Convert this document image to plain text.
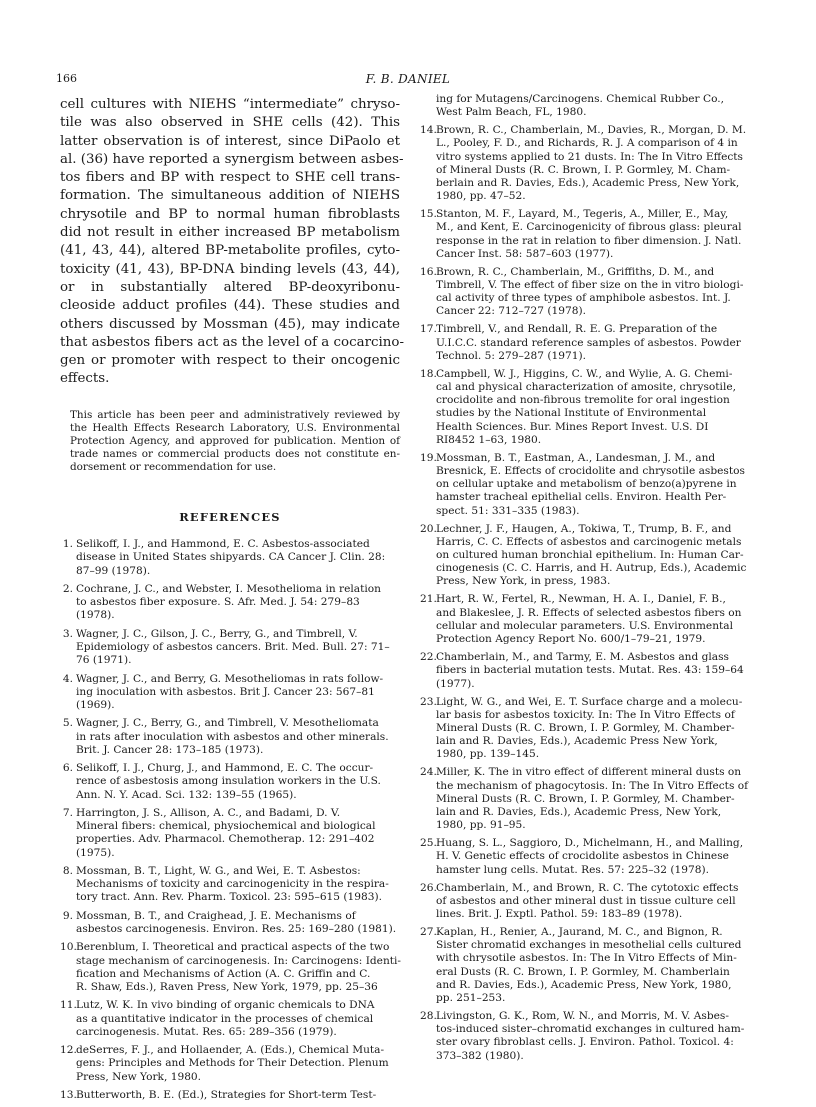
166	F. B. DANIEL

cell cultures with NIEHS “intermediate” chryso-
tile was also observed in SHE cells (42). This
latter observation is of interest, since DiPaolo et
al. (36) have reported a synergism between asbes-
tos fibers and BP with respect to SHE cell trans-
formation. The simultaneous addition of NIEHS
chrysotile and BP to normal human fibroblasts
did not result in either increased BP metabolism
(41, 43, 44), altered BP-metabolite profiles, cyto-
toxicity (41, 43), BP-DNA binding levels (43, 44),
or in substantially altered BP-deoxyribonu-
cleoside adduct profiles (44). These studies and
others discussed by Mossman (45), may indicate
that asbestos fibers act as the level of a cocarcino-
gen or promoter with respect to their oncogenic
effects.

This article has been peer and administratively reviewed by
the Health Effects Research Laboratory, U.S. Environmental
Protection Agency, and approved for publication. Mention of
trade names or commercial products does not constitute en-
dorsement or recommendation for use.

REFERENCES
1. Selikoff, I. J., and Hammond, E. C. Asbestos-associated
disease in United States shipyards. CA Cancer J. Clin. 28:
87–99 (1978).
2. Cochrane, J. C., and Webster, I. Mesothelioma in relation
to asbestos fiber exposure. S. Afr. Med. J. 54: 279–83
(1978).
3. Wagner, J. C., Gilson, J. C., Berry, G., and Timbrell, V.
Epidemiology of asbestos cancers. Brit. Med. Bull. 27: 71–
76 (1971).
4. Wagner, J. C., and Berry, G. Mesotheliomas in rats follow-
ing inoculation with asbestos. Brit J. Cancer 23: 567–81
(1969).
5. Wagner, J. C., Berry, G., and Timbrell, V. Mesotheliomata
in rats after inoculation with asbestos and other minerals.
Brit. J. Cancer 28: 173–185 (1973).
6. Selikoff, I. J., Churg, J., and Hammond, E. C. The occur-
rence of asbestosis among insulation workers in the U.S.
Ann. N. Y. Acad. Sci. 132: 139–55 (1965).
7. Harrington, J. S., Allison, A. C., and Badami, D. V.
Mineral fibers: chemical, physiochemical and biological
properties. Adv. Pharmacol. Chemotherap. 12: 291–402
(1975).
8. Mossman, B. T., Light, W. G., and Wei, E. T. Asbestos:
Mechanisms of toxicity and carcinogenicity in the respira-
tory tract. Ann. Rev. Pharm. Toxicol. 23: 595–615 (1983).
9. Mossman, B. T., and Craighead, J. E. Mechanisms of
asbestos carcinogenesis. Environ. Res. 25: 169–280 (1981).
10. Berenblum, I. Theoretical and practical aspects of the two
stage mechanism of carcinogenesis. In: Carcinogens: Identi-
fication and Mechanisms of Action (A. C. Griffin and C.
R. Shaw, Eds.), Raven Press, New York, 1979, pp. 25–36
11. Lutz, W. K. In vivo binding of organic chemicals to DNA
as a quantitative indicator in the processes of chemical
carcinogenesis. Mutat. Res. 65: 289–356 (1979).
12. deSerres, F. J., and Hollaender, A. (Eds.), Chemical Muta-
gens: Principles and Methods for Their Detection. Plenum
Press, New York, 1980.
13. Butterworth, B. E. (Ed.), Strategies for Short-term Test-
ing for Mutagens/Carcinogens. Chemical Rubber Co.,
West Palm Beach, FL, 1980.
14. Brown, R. C., Chamberlain, M., Davies, R., Morgan, D. M.
L., Pooley, F. D., and Richards, R. J. A comparison of 4 in
vitro systems applied to 21 dusts. In: The In Vitro Effects
of Mineral Dusts (R. C. Brown, I. P. Gormley, M. Cham-
berlain and R. Davies, Eds.), Academic Press, New York,
1980, pp. 47–52.
15. Stanton, M. F., Layard, M., Tegeris, A., Miller, E., May,
M., and Kent, E. Carcinogenicity of fibrous glass: pleural
response in the rat in relation to fiber dimension. J. Natl.
Cancer Inst. 58: 587–603 (1977).
16. Brown, R. C., Chamberlain, M., Griffiths, D. M., and
Timbrell, V. The effect of fiber size on the in vitro biologi-
cal activity of three types of amphibole asbestos. Int. J.
Cancer 22: 712–727 (1978).
17. Timbrell, V., and Rendall, R. E. G. Preparation of the
U.I.C.C. standard reference samples of asbestos. Powder
Technol. 5: 279–287 (1971).
18. Campbell, W. J., Higgins, C. W., and Wylie, A. G. Chemi-
cal and physical characterization of amosite, chrysotile,
crocidolite and non-fibrous tremolite for oral ingestion
studies by the National Institute of Environmental
Health Sciences. Bur. Mines Report Invest. U.S. DI
RI8452 1–63, 1980.
19. Mossman, B. T., Eastman, A., Landesman, J. M., and
Bresnick, E. Effects of crocidolite and chrysotile asbestos
on cellular uptake and metabolism of benzo(a)pyrene in
hamster tracheal epithelial cells. Environ. Health Per-
spect. 51: 331–335 (1983).
20. Lechner, J. F., Haugen, A., Tokiwa, T., Trump, B. F., and
Harris, C. C. Effects of asbestos and carcinogenic metals
on cultured human bronchial epithelium. In: Human Car-
cinogenesis (C. C. Harris, and H. Autrup, Eds.), Academic
Press, New York, in press, 1983.
21. Hart, R. W., Fertel, R., Newman, H. A. I., Daniel, F. B.,
and Blakeslee, J. R. Effects of selected asbestos fibers on
cellular and molecular parameters. U.S. Environmental
Protection Agency Report No. 600/1–79–21, 1979.
22. Chamberlain, M., and Tarmy, E. M. Asbestos and glass
fibers in bacterial mutation tests. Mutat. Res. 43: 159–64
(1977).
23. Light, W. G., and Wei, E. T. Surface charge and a molecu-
lar basis for asbestos toxicity. In: The In Vitro Effects of
Mineral Dusts (R. C. Brown, I. P. Gormley, M. Chamber-
lain and R. Davies, Eds.), Academic Press New York,
1980, pp. 139–145.
24. Miller, K. The in vitro effect of different mineral dusts on
the mechanism of phagocytosis. In: The In Vitro Effects of
Mineral Dusts (R. C. Brown, I. P. Gormley, M. Chamber-
lain and R. Davies, Eds.), Academic Press, New York,
1980, pp. 91–95.
25. Huang, S. L., Saggioro, D., Michelmann, H., and Malling,
H. V. Genetic effects of crocidolite asbestos in Chinese
hamster lung cells. Mutat. Res. 57: 225–32 (1978).
26. Chamberlain, M., and Brown, R. C. The cytotoxic effects
of asbestos and other mineral dust in tissue culture cell
lines. Brit. J. Exptl. Pathol. 59: 183–89 (1978).
27. Kaplan, H., Renier, A., Jaurand, M. C., and Bignon, R.
Sister chromatid exchanges in mesothelial cells cultured
with chrysotile asbestos. In: The In Vitro Effects of Min-
eral Dusts (R. C. Brown, I. P. Gormley, M. Chamberlain
and R. Davies, Eds.), Academic Press, New York, 1980,
pp. 251–253.
28. Livingston, G. K., Rom, W. N., and Morris, M. V. Asbes-
tos-induced sister–chromatid exchanges in cultured ham-
ster ovary fibroblast cells. J. Environ. Pathol. Toxicol. 4:
373–382 (1980).
